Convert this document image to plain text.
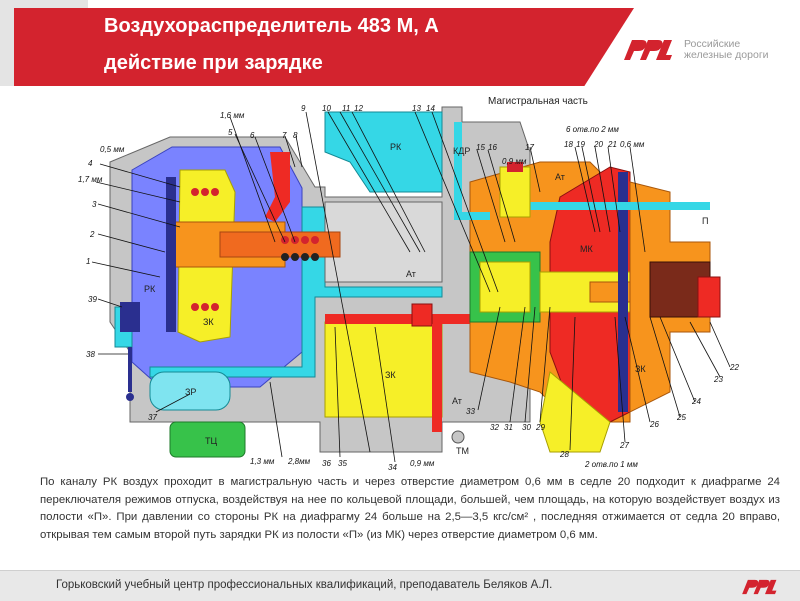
Воздухораспределитель 483 М, А
действие при зарядке
Российские
железные дороги
Магистральная часть
РК
Ат
РК
ЗК
ЗК
ЗР
ТЦ
МК
П
КДР
Ат
Ат
ЗК
ТМ
0,5 мм
4
1,7 мм
3
2
1
39
38
37
1,6 мм
5 6	7 8
9 10 11 12	13 14
15 16
0,9 мм
17
6 отв.по 2 мм
18 19 20 21 0,6 мм
22
23
24
25
26
27
28
2 отв.по 1 мм
29
30
31
32
33
34 0,9 мм
35
36
1,3 мм 2,8мм
По каналу РК воздух проходит в магистральную часть и через отверстие диаметром 0,6 мм в седле 20 подходит к диафрагме 24 переключателя режимов отпуска, воздействуя на нее по кольцевой площади, большей, чем площадь, на которую воздействует воздух из полости «П». При давлении со стороны РК на диафрагму 24 больше на 2,5—3,5 кгс/см² , последняя отжимается от седла 20 вправо, открывая тем самым второй путь зарядки РК из полости «П» (из МК) через отверстие диаметром 0,6 мм.
Горьковский учебный центр профессиональных квалификаций, преподаватель Беляков А.Л.
